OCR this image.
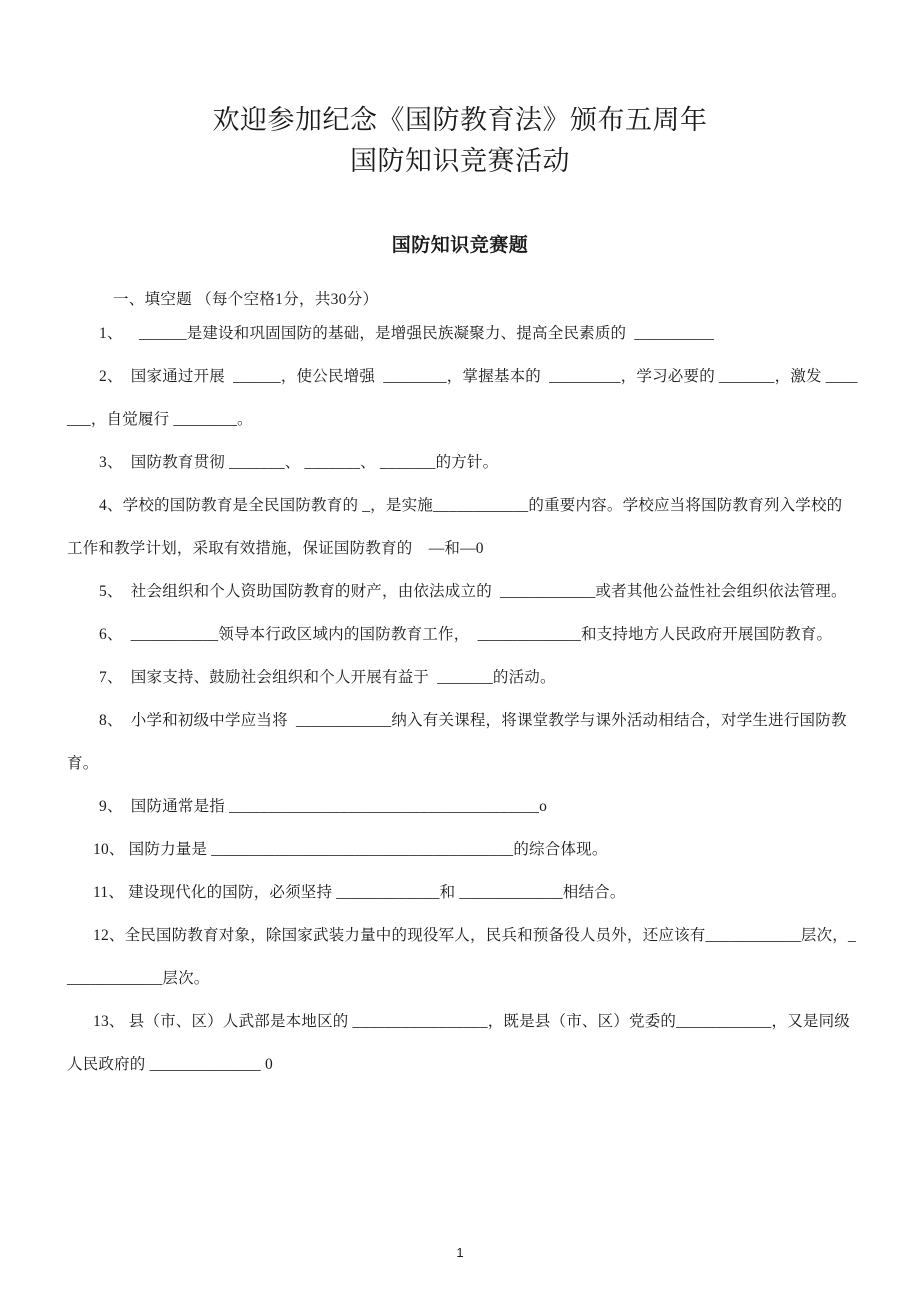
欢迎参加纪念《国防教育法》颁布五周年
国防知识竞赛活动
国防知识竞赛题
一、填空题 （每个空格1分，共30分）

1、    ______是建设和巩固国防的基础，是增强民族凝聚力、提高全民素质的  __________

2、  国家通过开展  ______，使公民增强  ________，掌握基本的  _________，学习必要的 _______，激发 _______，自觉履行 ________。

3、  国防教育贯彻 _______、 _______、 _______的方针。

4、学校的国防教育是全民国防教育的 _，是实施____________的重要内容。学校应当将国防教育列入学校的工作和教学计划，采取有效措施，保证国防教育的    —和—0

5、  社会组织和个人资助国防教育的财产，由依法成立的  ____________或者其他公益性社会组织依法管理。

6、  ___________领导本行政区域内的国防教育工作，  _____________和支持地方人民政府开展国防教育。

7、  国家支持、鼓励社会组织和个人开展有益于  _______的活动。

8、  小学和初级中学应当将  ____________纳入有关课程，将课堂教学与课外活动相结合，对学生进行国防教育。

9、  国防通常是指 _______________________________________o

10、 国防力量是 ______________________________________的综合体现。

11、 建设现代化的国防，必须坚持 _____________和 _____________相结合。

12、全民国防教育对象，除国家武装力量中的现役军人，民兵和预备役人员外，还应该有____________层次，_____________层次。

13、 县（市、区）人武部是本地区的 _________________，既是县（市、区）党委的____________，又是同级人民政府的 ______________ 0

1
